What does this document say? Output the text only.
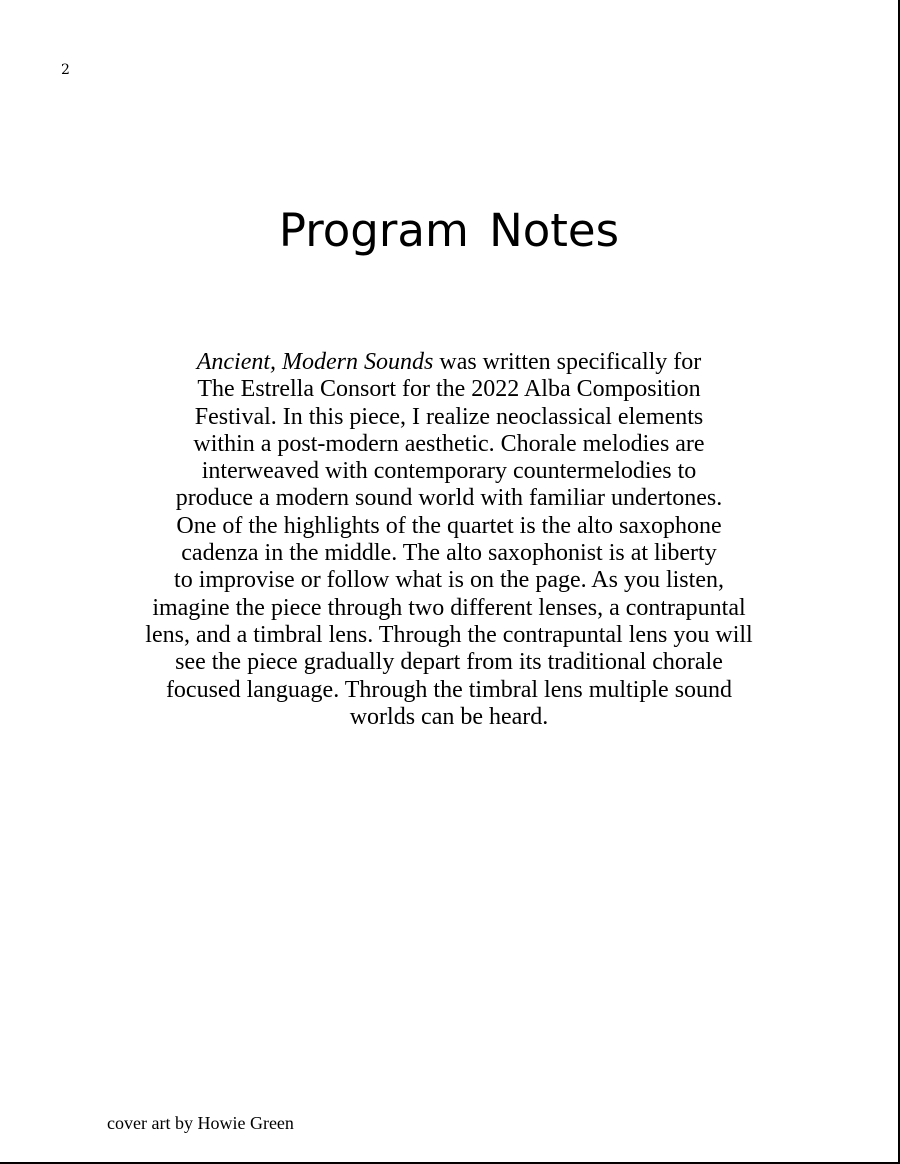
2
Program Notes
Ancient, Modern Sounds was written specifically for
The Estrella Consort for the 2022 Alba Composition
Festival. In this piece, I realize neoclassical elements
within a post-modern aesthetic. Chorale melodies are
interweaved with contemporary countermelodies to
produce a modern sound world with familiar undertones.
One of the highlights of the quartet is the alto saxophone
cadenza in the middle. The alto saxophonist is at liberty
to improvise or follow what is on the page. As you listen,
imagine the piece through two different lenses, a contrapuntal
lens, and a timbral lens. Through the contrapuntal lens you will
see the piece gradually depart from its traditional chorale
focused language. Through the timbral lens multiple sound
worlds can be heard.
cover art by Howie Green
